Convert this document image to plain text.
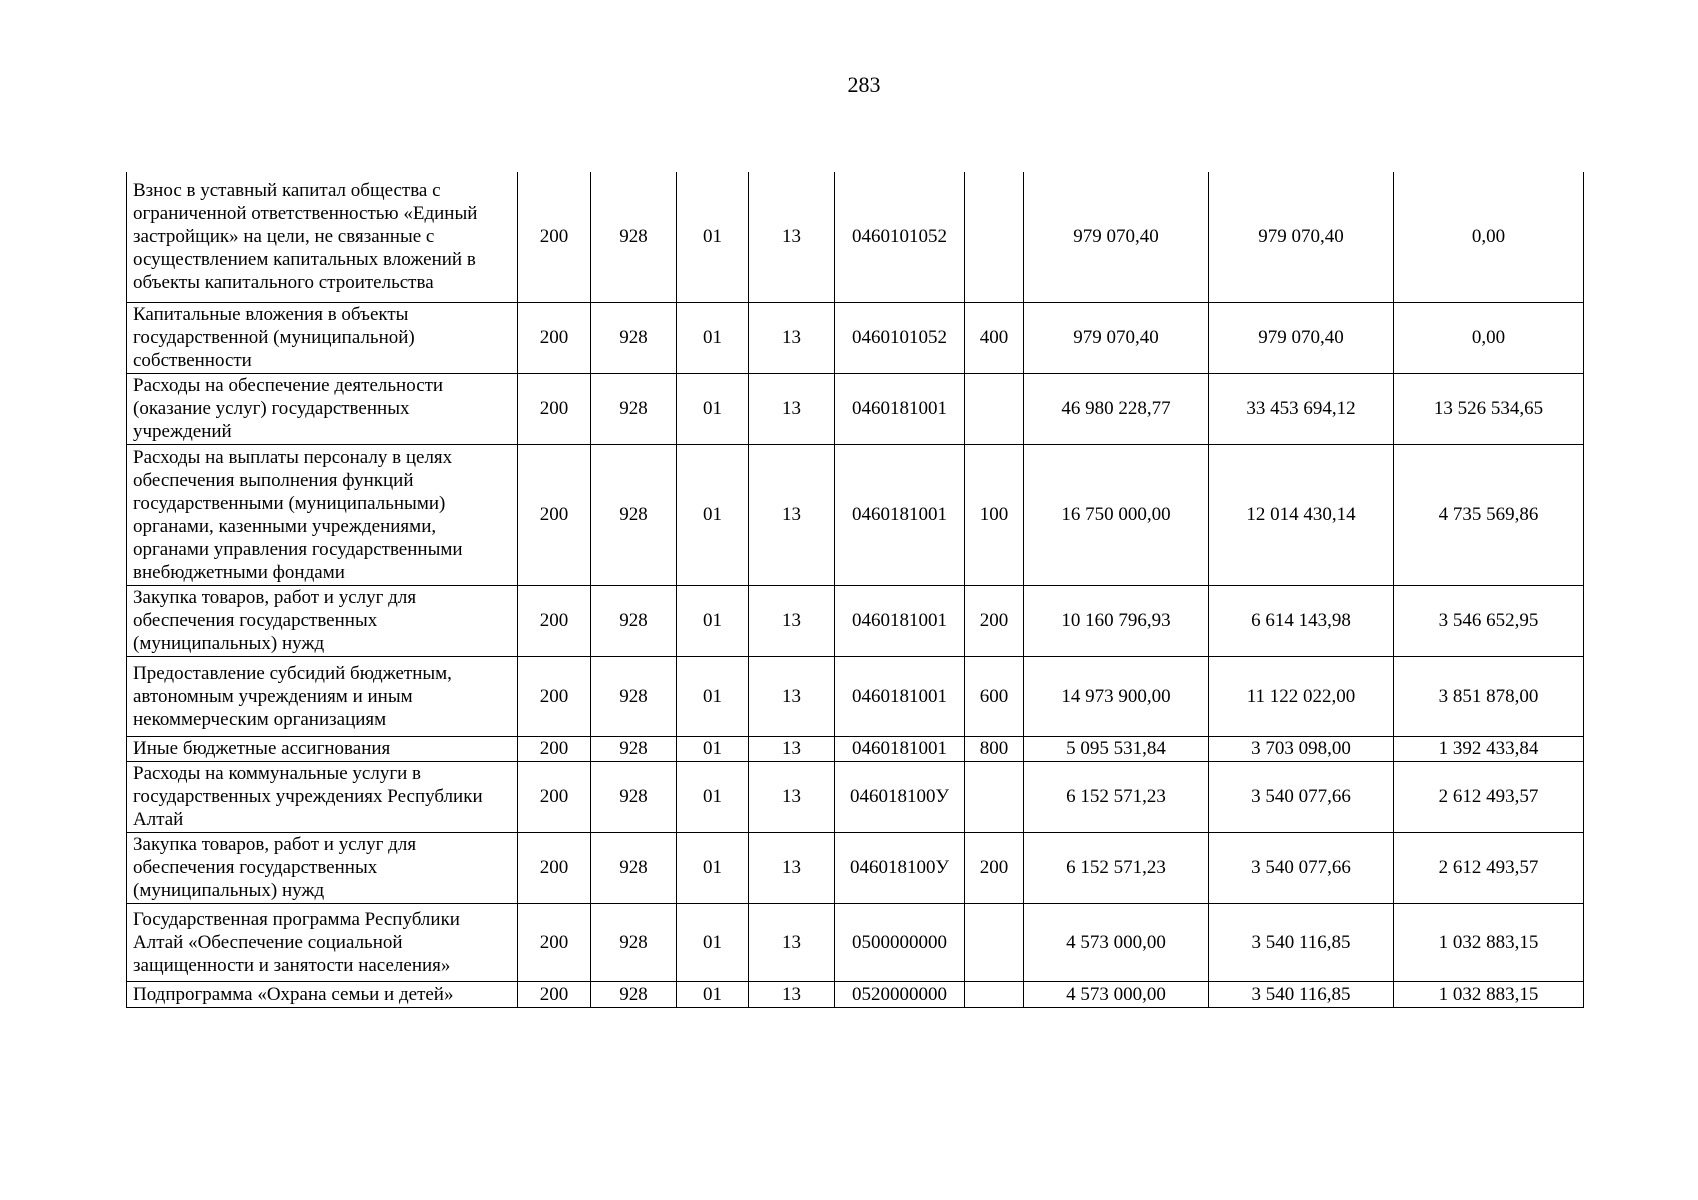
283
Взнос в уставный капитал общества с ограниченной ответственностью «Единый застройщик» на цели, не связанные с осуществлением капитальных вложений в объекты капитального строительства	200	928	01	13	0460101052		979 070,40	979 070,40	0,00
Капитальные вложения в объекты государственной (муниципальной) собственности	200	928	01	13	0460101052	400	979 070,40	979 070,40	0,00
Расходы на обеспечение деятельности (оказание услуг) государственных учреждений	200	928	01	13	0460181001		46 980 228,77	33 453 694,12	13 526 534,65
Расходы на выплаты персоналу в целях обеспечения выполнения функций государственными (муниципальными) органами, казенными учреждениями, органами управления государственными внебюджетными фондами	200	928	01	13	0460181001	100	16 750 000,00	12 014 430,14	4 735 569,86
Закупка товаров, работ и услуг для обеспечения государственных (муниципальных) нужд	200	928	01	13	0460181001	200	10 160 796,93	6 614 143,98	3 546 652,95
Предоставление субсидий бюджетным, автономным учреждениям и иным некоммерческим организациям	200	928	01	13	0460181001	600	14 973 900,00	11 122 022,00	3 851 878,00
Иные бюджетные ассигнования	200	928	01	13	0460181001	800	5 095 531,84	3 703 098,00	1 392 433,84
Расходы на коммунальные услуги в государственных учреждениях Республики Алтай	200	928	01	13	046018100У		6 152 571,23	3 540 077,66	2 612 493,57
Закупка товаров, работ и услуг для обеспечения государственных (муниципальных) нужд	200	928	01	13	046018100У	200	6 152 571,23	3 540 077,66	2 612 493,57
Государственная программа Республики Алтай «Обеспечение социальной защищенности и занятости населения»	200	928	01	13	0500000000		4 573 000,00	3 540 116,85	1 032 883,15
Подпрограмма «Охрана семьи и детей»	200	928	01	13	0520000000		4 573 000,00	3 540 116,85	1 032 883,15
